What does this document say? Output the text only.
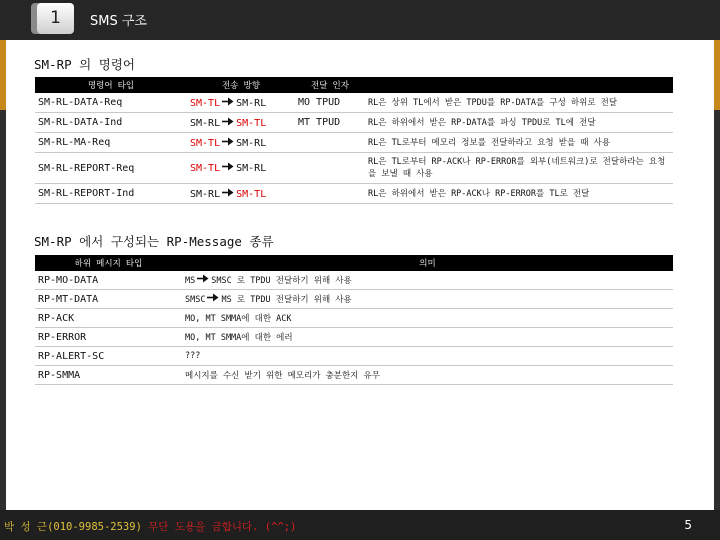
1	SMS 구조
SM-RP 의 명령어
명령어 타입	전송 방향	전달 인자	
SM-RL-DATA-Req	SM-TL SM-RL	MO TPUD	RL은 상위 TL에서 받은 TPDU를 RP-DATA를 구성 하위로 전달
SM-RL-DATA-Ind	SM-RL SM-TL	MT TPUD	RL은 하위에서 받은 RP-DATA를 파싱 TPDU로 TL에 전달
SM-RL-MA-Req	SM-TL SM-RL		RL은 TL로부터 메모리 정보를 전달하라고 요청 받을 때 사용
SM-RL-REPORT-Req	SM-TL SM-RL		RL은 TL로부터 RP-ACK나 RP-ERROR를 외부(네트워크)로 전달하라는 요청을 보낼 때 사용
SM-RL-REPORT-Ind	SM-RL SM-TL		RL은 하위에서 받은 RP-ACK나 RP-ERROR를 TL로 전달
SM-RP 에서 구성되는 RP-Message 종류
하위 메시지 타입	의미
RP-MO-DATA	MS SMSC 로 TPDU 전달하기 위해 사용
RP-MT-DATA	SMSC MS 로 TPDU 전달하기 위해 사용
RP-ACK	MO, MT SMMA에 대한 ACK
RP-ERROR	MO, MT SMMA에 대한 에러
RP-ALERT-SC	???
RP-SMMA	메시지를 수신 받기 위한 메모리가 충분한지 유무
박 성 근(010-9985-2539) 무단 도용을 금합니다. (^^;)	5
